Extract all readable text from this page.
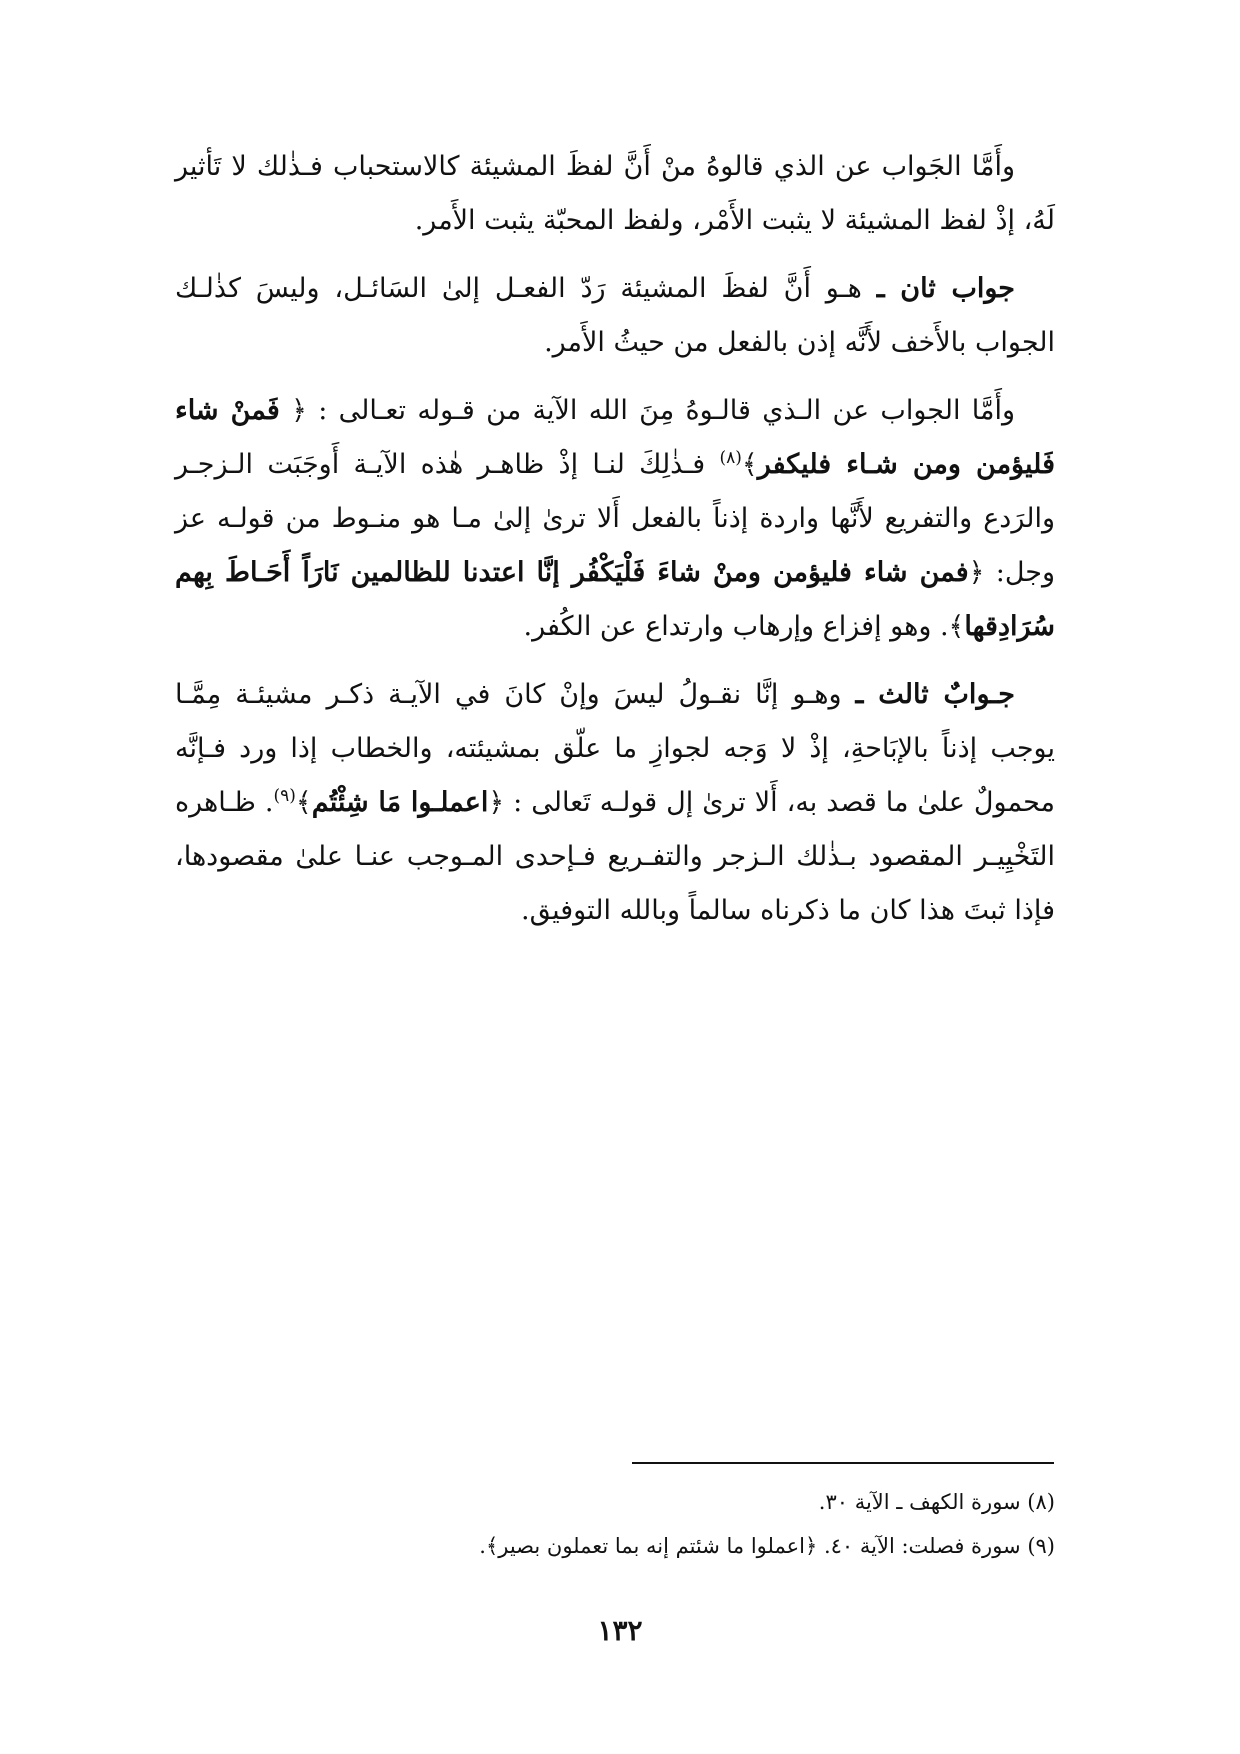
وأَمَّا الجَواب عن الذي قالوهُ منْ أَنَّ لفظَ المشيئة كالاستحباب فـذٰلك لا تَأثير لَهُ، إذْ لفظ المشيئة لا يثبت الأَمْر، ولفظ المحبّة يثبت الأَمر.

جواب ثان ـ هـو أَنَّ لفظَ المشيئة رَدّ الفعـل إلىٰ السَائـل، وليسَ كذٰلـك الجواب بالأَخف لأَنَّه إذن بالفعل من حيثُ الأَمر.

وأَمَّا الجواب عن الـذي قالـوهُ مِنَ الله الآية من قـوله تعـالى : ﴿ فَمنْ شاء فَليؤمن ومن شـاء فليكفر﴾$^{(٨)}$ فـذٰلِكَ لنـا إذْ ظاهـر هٰذه الآيـة أَوجَبَت الـزجـر والرَدع والتفريع لأَنَّها واردة إذناً بالفعل أَلا ترىٰ إلىٰ مـا هو منـوط من قولـه عز وجل: ﴿فمن شاء فليؤمن ومنْ شاءَ فَلْيَكْفُر إنَّا اعتدنا للظالمين نَارَاً أَحَـاطَ بِهم سُرَادِقها﴾. وهو إفزاع وإرهاب وارتداع عن الكُفر.

جـوابٌ ثالث ـ وهـو إنَّا نقـولُ ليسَ وإنْ كانَ في الآيـة ذكـر مشيئـة مِمَّـا يوجب إذناً بالإبَاحةِ، إذْ لا وَجه لجوازِ ما علّق بمشيئته، والخطاب إذا ورد فـإنَّه محمولٌ علىٰ ما قصد به، أَلا ترىٰ إل قولـه تَعالى : ﴿اعملـوا مَا شِئْتُم﴾$^{(٩)}$. ظـاهره التَخْيِيـر المقصود بـذٰلك الـزجر والتفـريع فـإحدى المـوجب عنـا علىٰ مقصودها، فإذا ثبتَ هذا كان ما ذكرناه سالماً وبالله التوفيق.

(٨) سورة الكهف ـ الآية ٣٠.

(٩) سورة فصلت: الآية ٤٠. ﴿اعملوا ما شئتم إنه بما تعملون بصير﴾.

١٣٢
